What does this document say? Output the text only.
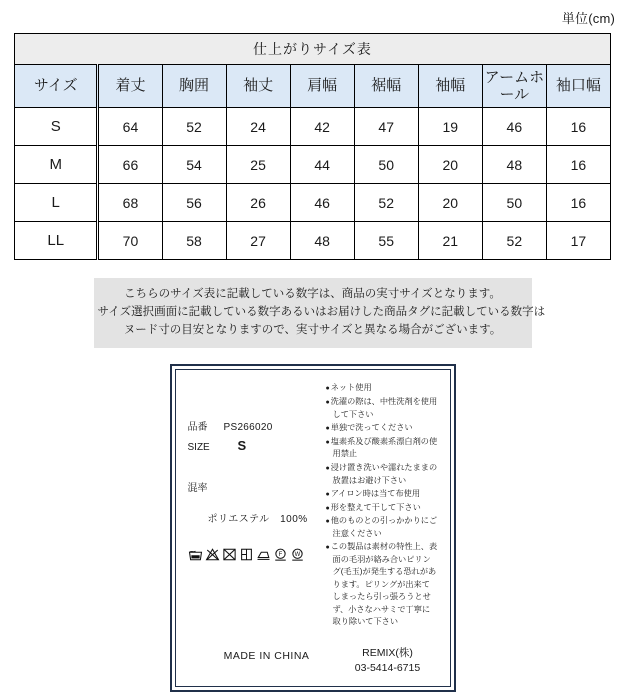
単位(cm)
仕上がりサイズ表								
サイズ	着丈	胸囲	袖丈	肩幅	裾幅	袖幅	アームホール	袖口幅
S	64	52	24	42	47	19	46	16
M	66	54	25	44	50	20	48	16
L	68	56	26	46	52	20	50	16
LL	70	58	27	48	55	21	52	17

こちらのサイズ表に記載している数字は、商品の実寸サイズとなります。

サイズ選択画面に記載している数字あるいはお届けした商品タグに記載している数字は

ヌード寸の目安となりますので、実寸サイズと異なる場合がございます。

品番	PS266020
SIZE	S
混率
ポリエステル　100%
F W
● ネット使用
● 洗濯の際は、中性洗剤を使用して下さい
● 単独で洗ってください
● 塩素系及び酸素系漂白剤の使用禁止
● 浸け置き洗いや濡れたままの放置はお避け下さい
● アイロン時は当て布使用
● 形を整えて干して下さい
● 他のものとの引っかかりにご注意ください
● この製品は素材の特性上、表面の毛羽が絡み合いピリング(毛玉)が発生する恐れがあります。ピリングが出来てしまったら引っ張ろうとせず、小さなハサミで丁寧に取り除いて下さい
MADE IN CHINA	REMIX(株)
03-5414-6715
